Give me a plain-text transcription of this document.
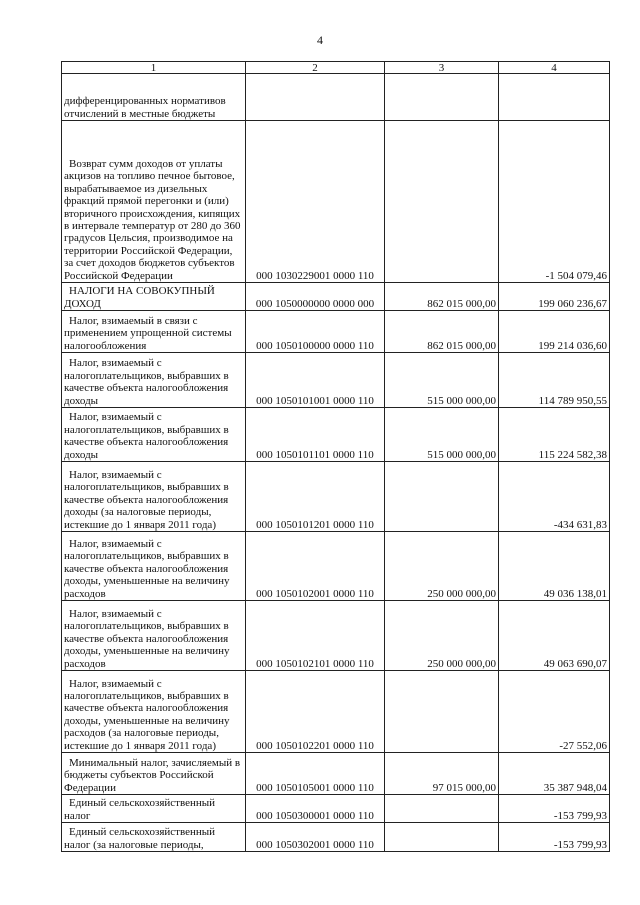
4
1	2	3	4
дифференцированных нормативов отчислений в местные бюджеты			
Возврат сумм доходов от уплаты акцизов на топливо печное бытовое, вырабатываемое из дизельных фракций прямой перегонки и (или) вторичного происхождения, кипящих в интервале температур от 280 до 360 градусов Цельсия, производимое на территории Российской Федерации, за счет доходов бюджетов субъектов Российской Федерации	000 1030229001 0000 110		-1 504 079,46
НАЛОГИ НА СОВОКУПНЫЙ ДОХОД	000 1050000000 0000 000	862 015 000,00	199 060 236,67
Налог, взимаемый в связи с применением упрощенной системы налогообложения	000 1050100000 0000 110	862 015 000,00	199 214 036,60
Налог, взимаемый с налогоплательщиков, выбравших в качестве объекта налогообложения доходы	000 1050101001 0000 110	515 000 000,00	114 789 950,55
Налог, взимаемый с налогоплательщиков, выбравших в качестве объекта налогообложения доходы	000 1050101101 0000 110	515 000 000,00	115 224 582,38
Налог, взимаемый с налогоплательщиков, выбравших в качестве объекта налогообложения доходы (за налоговые периоды, истекшие до 1 января 2011 года)	000 1050101201 0000 110		-434 631,83
Налог, взимаемый с налогоплательщиков, выбравших в качестве объекта налогообложения доходы, уменьшенные на величину расходов	000 1050102001 0000 110	250 000 000,00	49 036 138,01
Налог, взимаемый с налогоплательщиков, выбравших в качестве объекта налогообложения доходы, уменьшенные на величину расходов	000 1050102101 0000 110	250 000 000,00	49 063 690,07
Налог, взимаемый с налогоплательщиков, выбравших в качестве объекта налогообложения доходы, уменьшенные на величину расходов (за налоговые периоды, истекшие до 1 января 2011 года)	000 1050102201 0000 110		-27 552,06
Минимальный налог, зачисляемый в бюджеты субъектов Российской Федерации	000 1050105001 0000 110	97 015 000,00	35 387 948,04
Единый сельскохозяйственный налог	000 1050300001 0000 110		-153 799,93
Единый сельскохозяйственный налог (за налоговые периоды,	000 1050302001 0000 110		-153 799,93
